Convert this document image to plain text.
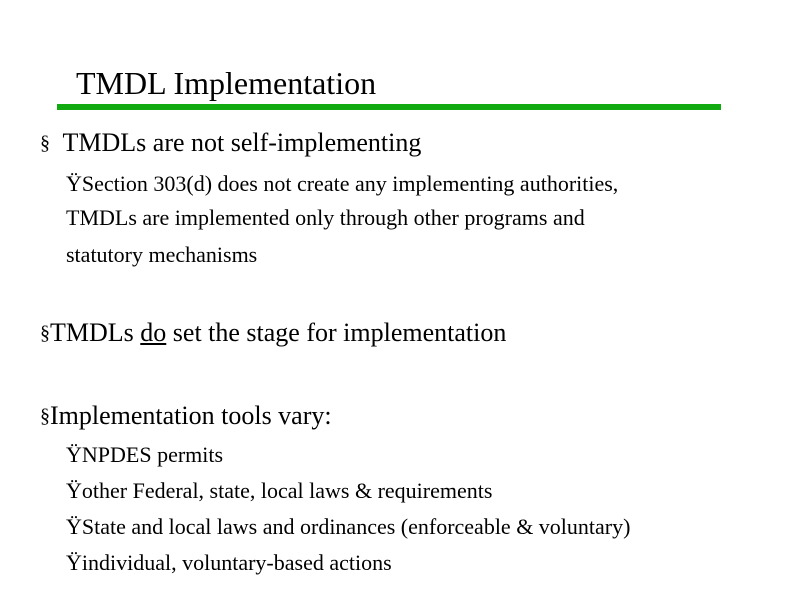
TMDL Implementation
§ TMDLs are not self-implementing
ŸSection 303(d) does not create any implementing authorities,
TMDLs are implemented only through other programs and
statutory mechanisms
§TMDLs do set the stage for implementation
§Implementation tools vary:
ŸNPDES permits
Ÿother Federal, state, local laws & requirements
ŸState and local laws and ordinances (enforceable & voluntary)
Ÿindividual, voluntary-based actions
